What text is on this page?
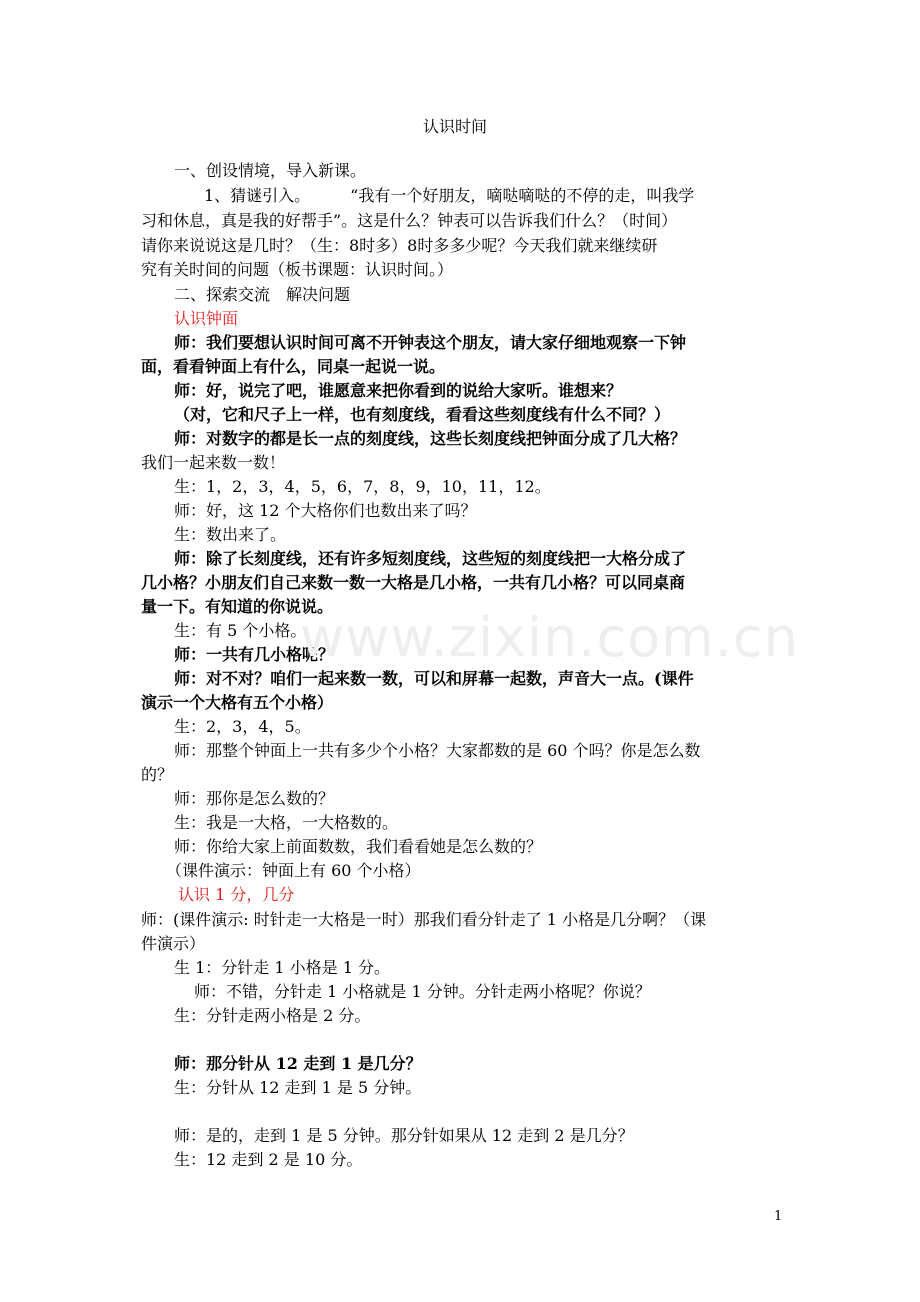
认识时间
一、创设情境，导入新课。
1、猜谜引入。　　　“我有一个好朋友，嘀哒嘀哒的不停的走，叫我学
习和休息，真是我的好帮手”。这是什么？钟表可以告诉我们什么？（时间）
请你来说说这是几时？（生：8时多）8时多多少呢？今天我们就来继续研
究有关时间的问题（板书课题：认识时间。）
二、探索交流　解决问题
认识钟面
师：我们要想认识时间可离不开钟表这个朋友，请大家仔细地观察一下钟
面，看看钟面上有什么，同桌一起说一说。
师：好，说完了吧，谁愿意来把你看到的说给大家听。谁想来？
（对，它和尺子上一样，也有刻度线，看看这些刻度线有什么不同？）
师：对数字的都是长一点的刻度线，这些长刻度线把钟面分成了几大格？
我们一起来数一数！
生：1，2，3，4，5，6，7，8，9，10，11，12。
师：好，这 12 个大格你们也数出来了吗？
生：数出来了。
师：除了长刻度线，还有许多短刻度线，这些短的刻度线把一大格分成了
几小格？小朋友们自己来数一数一大格是几小格，一共有几小格？可以同桌商
量一下。有知道的你说说。
生：有 5 个小格。
师：一共有几小格呢？
师：对不对？咱们一起来数一数，可以和屏幕一起数，声音大一点。(课件
演示一个大格有五个小格）
生：2，3，4，5。
师：那整个钟面上一共有多少个小格？大家都数的是 60 个吗？你是怎么数
的？
师：那你是怎么数的？
生：我是一大格，一大格数的。
师：你给大家上前面数数，我们看看她是怎么数的？
（课件演示：钟面上有 60 个小格）
认识 1 分，几分
师：(课件演示: 时针走一大格是一时）那我们看分针走了 1 小格是几分啊？（课
件演示）
生 1：分针走 1 小格是 1 分。
师：不错，分针走 1 小格就是 1 分钟。分针走两小格呢？你说？
生：分针走两小格是 2 分。
师：那分针从 12 走到 1 是几分？
生：分针从 12 走到 1 是 5 分钟。
师：是的，走到 1 是 5 分钟。那分针如果从 12 走到 2 是几分？
生：12 走到 2 是 10 分。
www.zixin.com.cn
1
